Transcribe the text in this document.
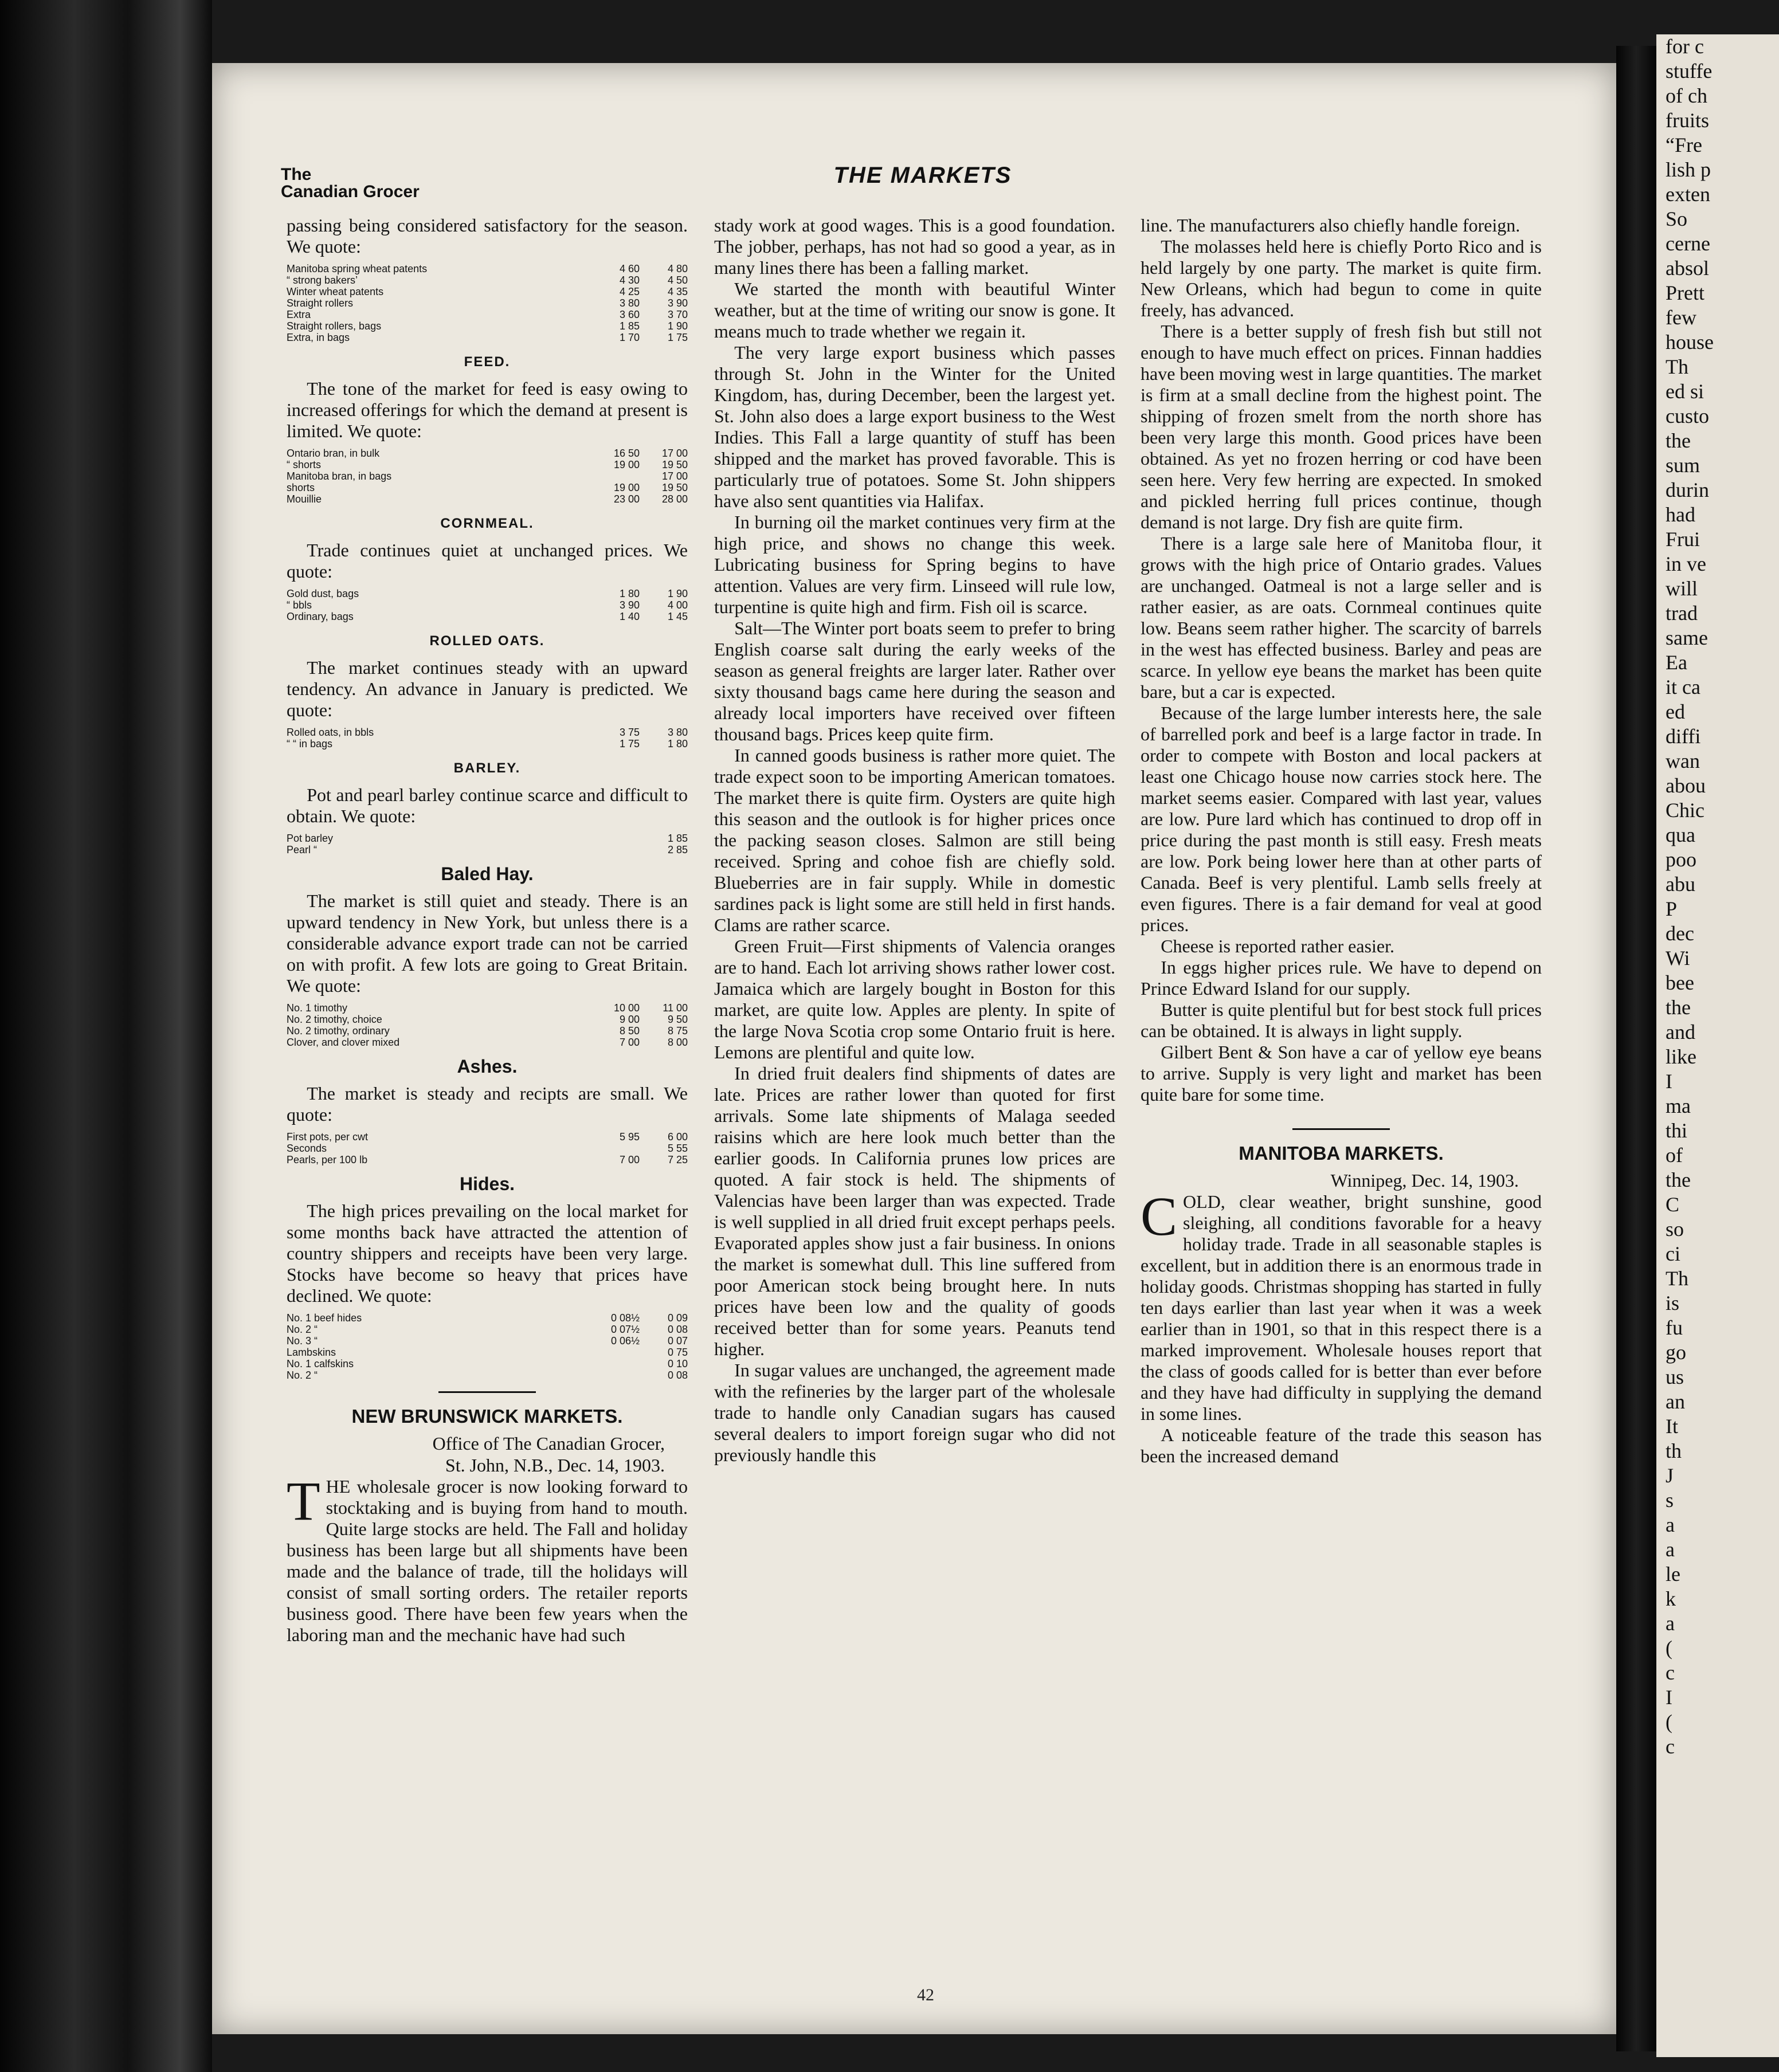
for c
stuffe
of ch
fruits
“Fre
lish p
exten
So
cerne
absol
Prett
few
house
Th
ed si
custo
the
sum
durin
had
Frui
in ve
will
trad
same
Ea
it ca
ed
diffi
wan
abou
Chic
qua
poo
abu
P
dec
Wi
bee
the
and
like
I
ma
thi
of
the
C
so
ci
Th
is
fu
go
us
an
It
th
J
s
a
a
le
k
a
(
c
I
(
c
The
Canadian Grocer
THE MARKETS

passing being considered satisfactory for the season. We quote:

Manitoba spring wheat patents	4 60	4 80
“ strong bakers’	4 30	4 50
Winter wheat patents	4 25	4 35
Straight rollers	3 80	3 90
Extra	3 60	3 70
Straight rollers, bags	1 85	1 90
Extra, in bags	1 70	1 75
FEED.

The tone of the market for feed is easy owing to increased offerings for which the demand at present is limited. We quote:

Ontario bran, in bulk	16 50	17 00
“ shorts	19 00	19 50
Manitoba bran, in bags		17 00
shorts	19 00	19 50
Mouillie	23 00	28 00
CORNMEAL.

Trade continues quiet at unchanged prices. We quote:

Gold dust, bags	1 80	1 90
“ bbls	3 90	4 00
Ordinary, bags	1 40	1 45
ROLLED OATS.

The market continues steady with an upward tendency. An advance in January is predicted. We quote:

Rolled oats, in bbls	3 75	3 80
“ “ in bags	1 75	1 80
BARLEY.

Pot and pearl barley continue scarce and difficult to obtain. We quote:

Pot barley		1 85
Pearl “		2 85
Baled Hay.

The market is still quiet and steady. There is an upward tendency in New York, but unless there is a considerable advance export trade can not be carried on with profit. A few lots are going to Great Britain. We quote:

No. 1 timothy	10 00	11 00
No. 2 timothy, choice	9 00	9 50
No. 2 timothy, ordinary	8 50	8 75
Clover, and clover mixed	7 00	8 00
Ashes.

The market is steady and recipts are small. We quote:

First pots, per cwt	5 95	6 00
Seconds		5 55
Pearls, per 100 lb	7 00	7 25
Hides.

The high prices prevailing on the local market for some months back have attracted the attention of country shippers and receipts have been very large. Stocks have become so heavy that prices have declined. We quote:

No. 1 beef hides	0 08½	0 09
No. 2 “	0 07½	0 08
No. 3 “	0 06½	0 07
Lambskins		0 75
No. 1 calfskins		0 10
No. 2 “		0 08
NEW BRUNSWICK MARKETS.
Office of The Canadian Grocer,
St. John, N.B., Dec. 14, 1903.

THE wholesale grocer is now looking forward to stocktaking and is buying from hand to mouth. Quite large stocks are held. The Fall and holiday business has been large but all shipments have been made and the balance of trade, till the holidays will consist of small sorting orders. The retailer reports business good. There have been few years when the laboring man and the mechanic have had such

stady work at good wages. This is a good foundation. The jobber, perhaps, has not had so good a year, as in many lines there has been a falling market.

We started the month with beautiful Winter weather, but at the time of writing our snow is gone. It means much to trade whether we regain it.

The very large export business which passes through St. John in the Winter for the United Kingdom, has, during December, been the largest yet. St. John also does a large export business to the West Indies. This Fall a large quantity of stuff has been shipped and the market has proved favorable. This is particularly true of potatoes. Some St. John shippers have also sent quantities via Halifax.

In burning oil the market continues very firm at the high price, and shows no change this week. Lubricating business for Spring begins to have attention. Values are very firm. Linseed will rule low, turpentine is quite high and firm. Fish oil is scarce.

Salt—The Winter port boats seem to prefer to bring English coarse salt during the early weeks of the season as general freights are larger later. Rather over sixty thousand bags came here during the season and already local importers have received over fifteen thousand bags. Prices keep quite firm.

In canned goods business is rather more quiet. The trade expect soon to be importing American tomatoes. The market there is quite firm. Oysters are quite high this season and the outlook is for higher prices once the packing season closes. Salmon are still being received. Spring and cohoe fish are chiefly sold. Blueberries are in fair supply. While in domestic sardines pack is light some are still held in first hands. Clams are rather scarce.

Green Fruit—First shipments of Valencia oranges are to hand. Each lot arriving shows rather lower cost. Jamaica which are largely bought in Boston for this market, are quite low. Apples are plenty. In spite of the large Nova Scotia crop some Ontario fruit is here. Lemons are plentiful and quite low.

In dried fruit dealers find shipments of dates are late. Prices are rather lower than quoted for first arrivals. Some late shipments of Malaga seeded raisins which are here look much better than the earlier goods. In California prunes low prices are quoted. A fair stock is held. The shipments of Valencias have been larger than was expected. Trade is well supplied in all dried fruit except perhaps peels. Evaporated apples show just a fair business. In onions the market is somewhat dull. This line suffered from poor American stock being brought here. In nuts prices have been low and the quality of goods received better than for some years. Peanuts tend higher.

In sugar values are unchanged, the agreement made with the refineries by the larger part of the wholesale trade to handle only Canadian sugars has caused several dealers to import foreign sugar who did not previously handle this

line. The manufacturers also chiefly handle foreign.

The molasses held here is chiefly Porto Rico and is held largely by one party. The market is quite firm. New Orleans, which had begun to come in quite freely, has advanced.

There is a better supply of fresh fish but still not enough to have much effect on prices. Finnan haddies have been moving west in large quantities. The market is firm at a small decline from the highest point. The shipping of frozen smelt from the north shore has been very large this month. Good prices have been obtained. As yet no frozen herring or cod have been seen here. Very few herring are expected. In smoked and pickled herring full prices continue, though demand is not large. Dry fish are quite firm.

There is a large sale here of Manitoba flour, it grows with the high price of Ontario grades. Values are unchanged. Oatmeal is not a large seller and is rather easier, as are oats. Cornmeal continues quite low. Beans seem rather higher. The scarcity of barrels in the west has effected business. Barley and peas are scarce. In yellow eye beans the market has been quite bare, but a car is expected.

Because of the large lumber interests here, the sale of barrelled pork and beef is a large factor in trade. In order to compete with Boston and local packers at least one Chicago house now carries stock here. The market seems easier. Compared with last year, values are low. Pure lard which has continued to drop off in price during the past month is still easy. Fresh meats are low. Pork being lower here than at other parts of Canada. Beef is very plentiful. Lamb sells freely at even figures. There is a fair demand for veal at good prices.

Cheese is reported rather easier.

In eggs higher prices rule. We have to depend on Prince Edward Island for our supply.

Butter is quite plentiful but for best stock full prices can be obtained. It is always in light supply.

Gilbert Bent & Son have a car of yellow eye beans to arrive. Supply is very light and market has been quite bare for some time.

MANITOBA MARKETS.
Winnipeg, Dec. 14, 1903.

COLD, clear weather, bright sunshine, good sleighing, all conditions favorable for a heavy holiday trade. Trade in all seasonable staples is excellent, but in addition there is an enormous trade in holiday goods. Christmas shopping has started in fully ten days earlier than last year when it was a week earlier than in 1901, so that in this respect there is a marked improvement. Wholesale houses report that the class of goods called for is better than ever before and they have had difficulty in supplying the demand in some lines.

A noticeable feature of the trade this season has been the increased demand

42
